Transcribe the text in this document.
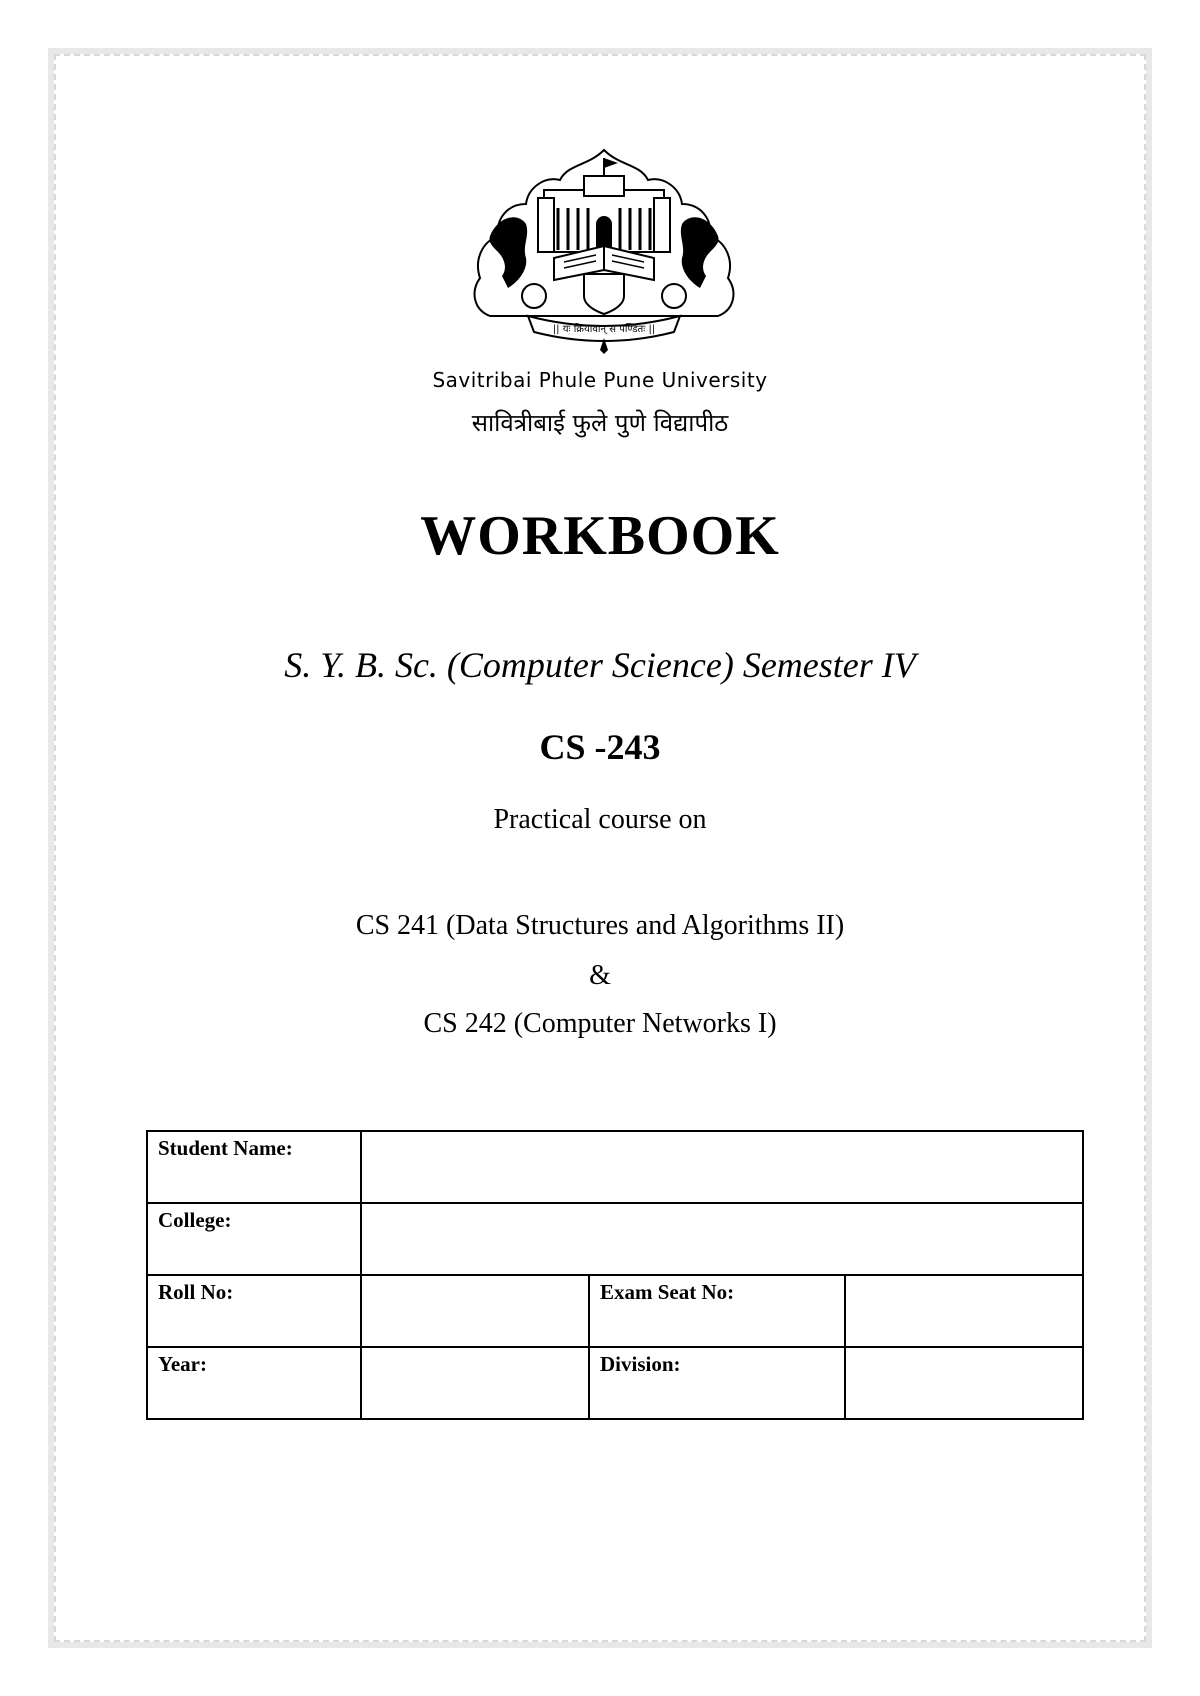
|| यः क्रियावान् स पण्डितः ||
Savitribai Phule Pune University
सावित्रीबाई फुले पुणे विद्यापीठ
WORKBOOK
S. Y. B. Sc. (Computer Science) Semester IV
CS -243
Practical course on
CS 241 (Data Structures and Algorithms II)
&
CS 242 (Computer Networks I)
Student Name:			
College:			
Roll No:		Exam Seat No:	
Year:		Division:	
